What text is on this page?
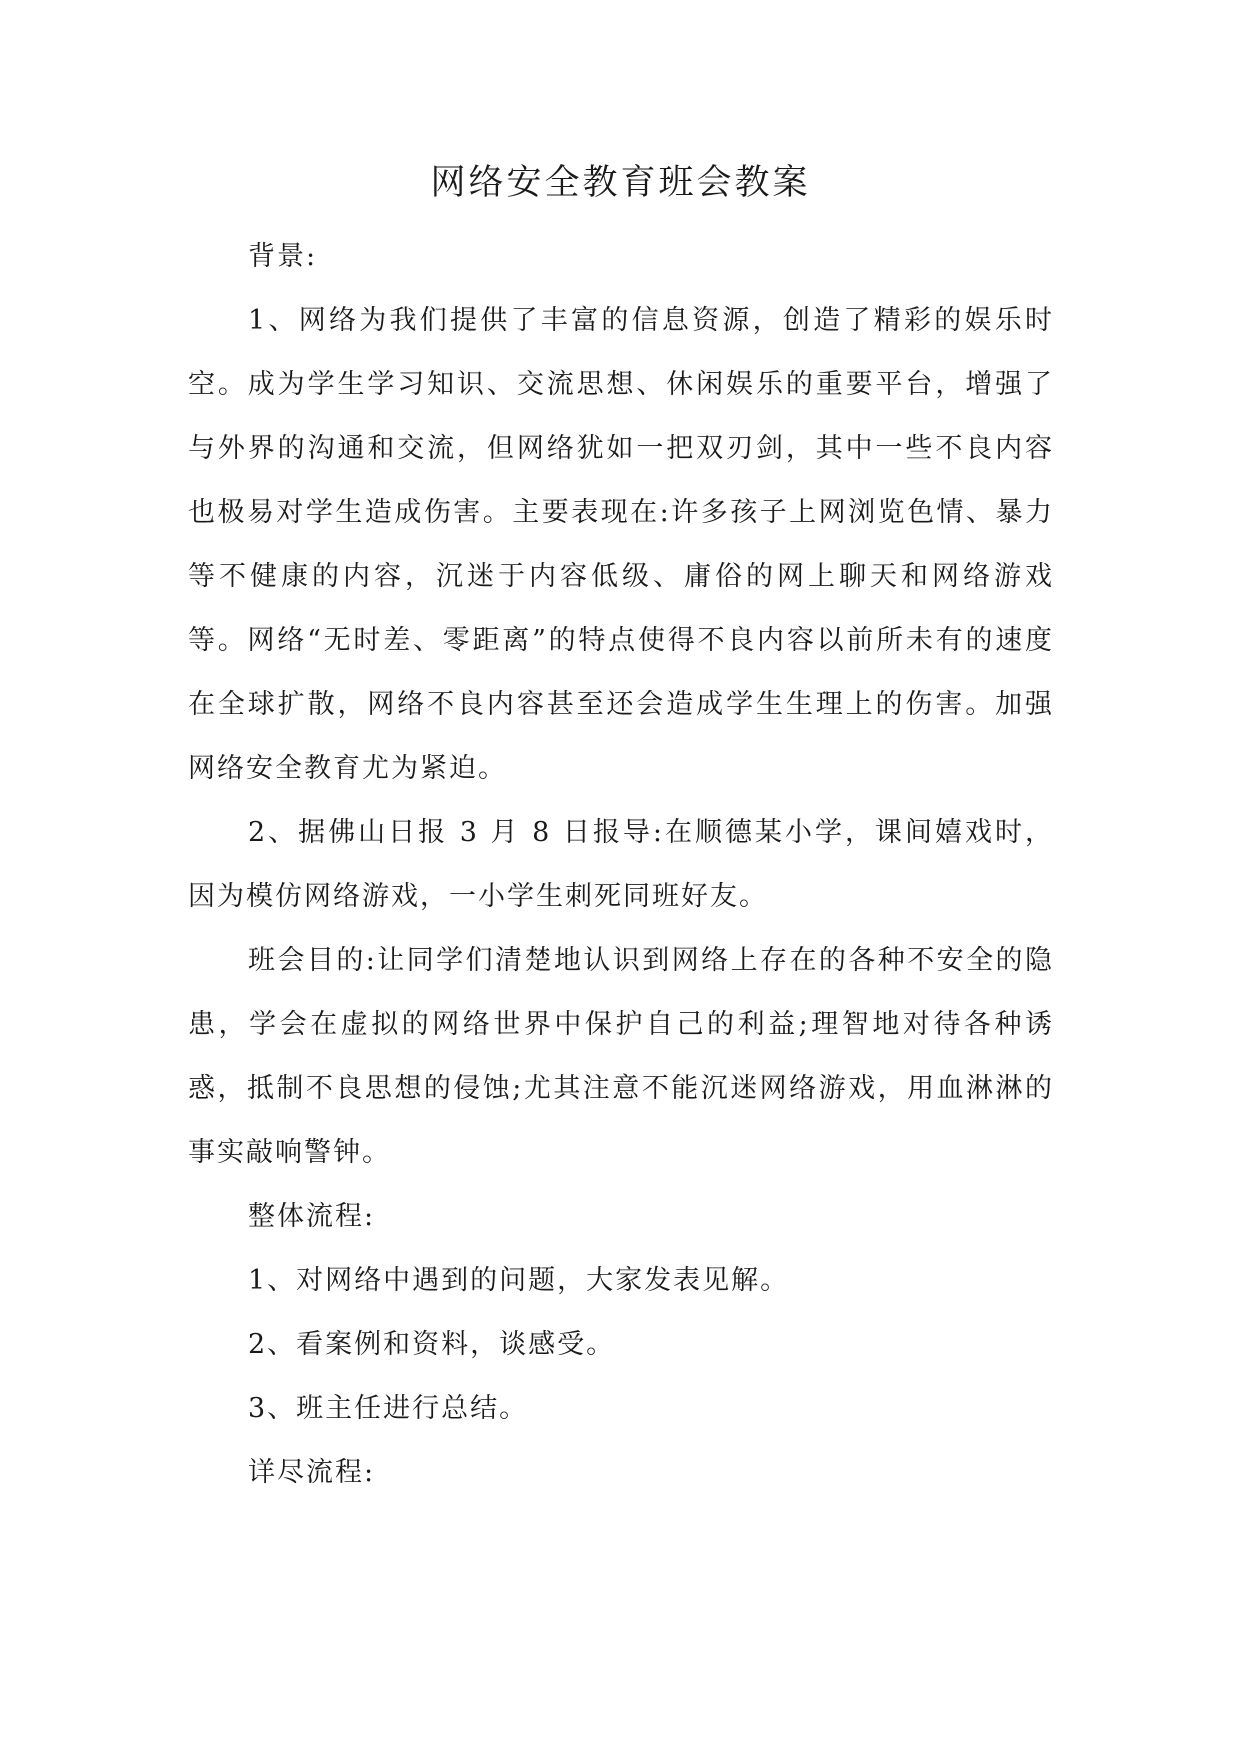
网络安全教育班会教案

背景:

1、网络为我们提供了丰富的信息资源，创造了精彩的娱乐时空。成为学生学习知识、交流思想、休闲娱乐的重要平台，增强了与外界的沟通和交流，但网络犹如一把双刃剑，其中一些不良内容也极易对学生造成伤害。主要表现在:许多孩子上网浏览色情、暴力等不健康的内容，沉迷于内容低级、庸俗的网上聊天和网络游戏等。网络“无时差、零距离”的特点使得不良内容以前所未有的速度在全球扩散，网络不良内容甚至还会造成学生生理上的伤害。加强网络安全教育尤为紧迫。

2、据佛山日报 3 月 8 日报导:在顺德某小学，课间嬉戏时，因为模仿网络游戏，一小学生刺死同班好友。

班会目的:让同学们清楚地认识到网络上存在的各种不安全的隐患，学会在虚拟的网络世界中保护自己的利益;理智地对待各种诱惑，抵制不良思想的侵蚀;尤其注意不能沉迷网络游戏，用血淋淋的事实敲响警钟。

整体流程:

1、对网络中遇到的问题，大家发表见解。

2、看案例和资料，谈感受。

3、班主任进行总结。

详尽流程:
